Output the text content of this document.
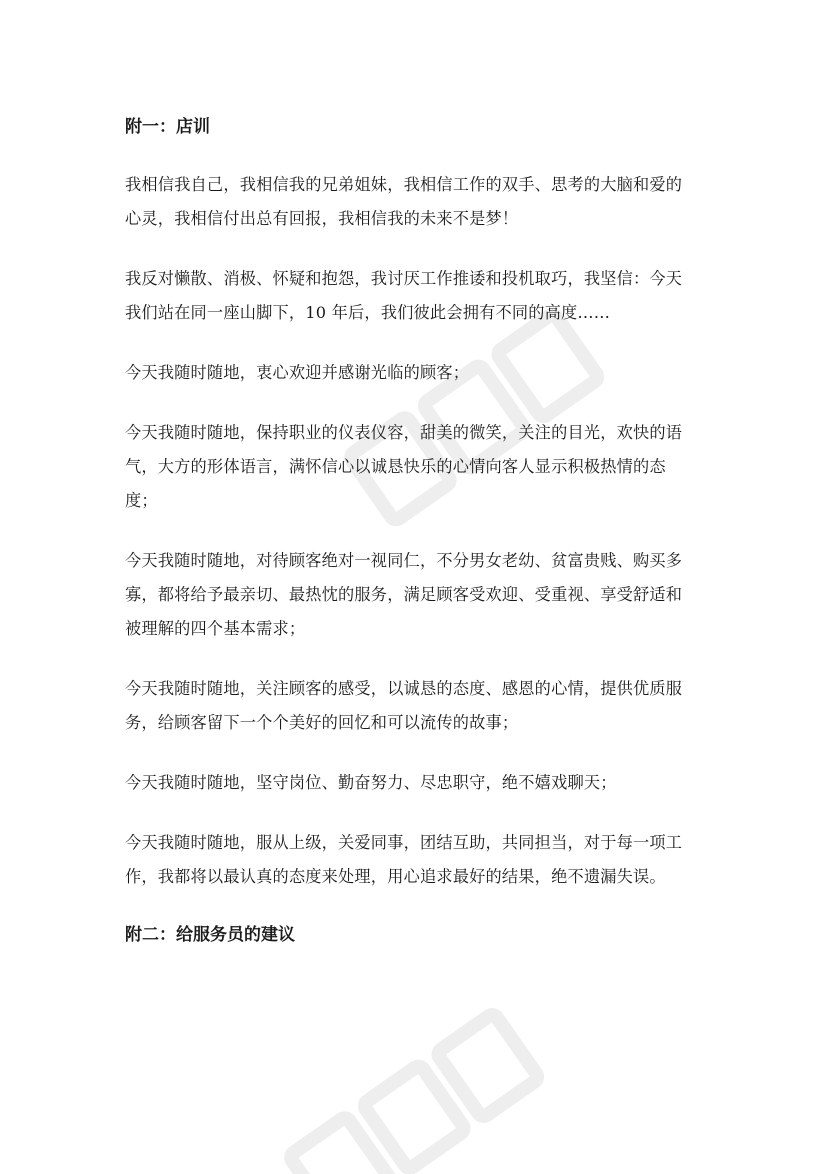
附一：店训
我相信我自己，我相信我的兄弟姐妹，我相信工作的双手、思考的大脑和爱的
心灵，我相信付出总有回报，我相信我的未来不是梦！
我反对懒散、消极、怀疑和抱怨，我讨厌工作推诿和投机取巧，我坚信：今天
我们站在同一座山脚下，10 年后，我们彼此会拥有不同的高度……
今天我随时随地，衷心欢迎并感谢光临的顾客；
今天我随时随地，保持职业的仪表仪容，甜美的微笑，关注的目光，欢快的语
气，大方的形体语言，满怀信心以诚恳快乐的心情向客人显示积极热情的态
度；
今天我随时随地，对待顾客绝对一视同仁，不分男女老幼、贫富贵贱、购买多
寡，都将给予最亲切、最热忱的服务，满足顾客受欢迎、受重视、享受舒适和
被理解的四个基本需求；
今天我随时随地，关注顾客的感受，以诚恳的态度、感恩的心情，提供优质服
务，给顾客留下一个个美好的回忆和可以流传的故事；
今天我随时随地，坚守岗位、勤奋努力、尽忠职守，绝不嬉戏聊天；
今天我随时随地，服从上级，关爱同事，团结互助，共同担当，对于每一项工
作，我都将以最认真的态度来处理，用心追求最好的结果，绝不遗漏失误。
附二：给服务员的建议
